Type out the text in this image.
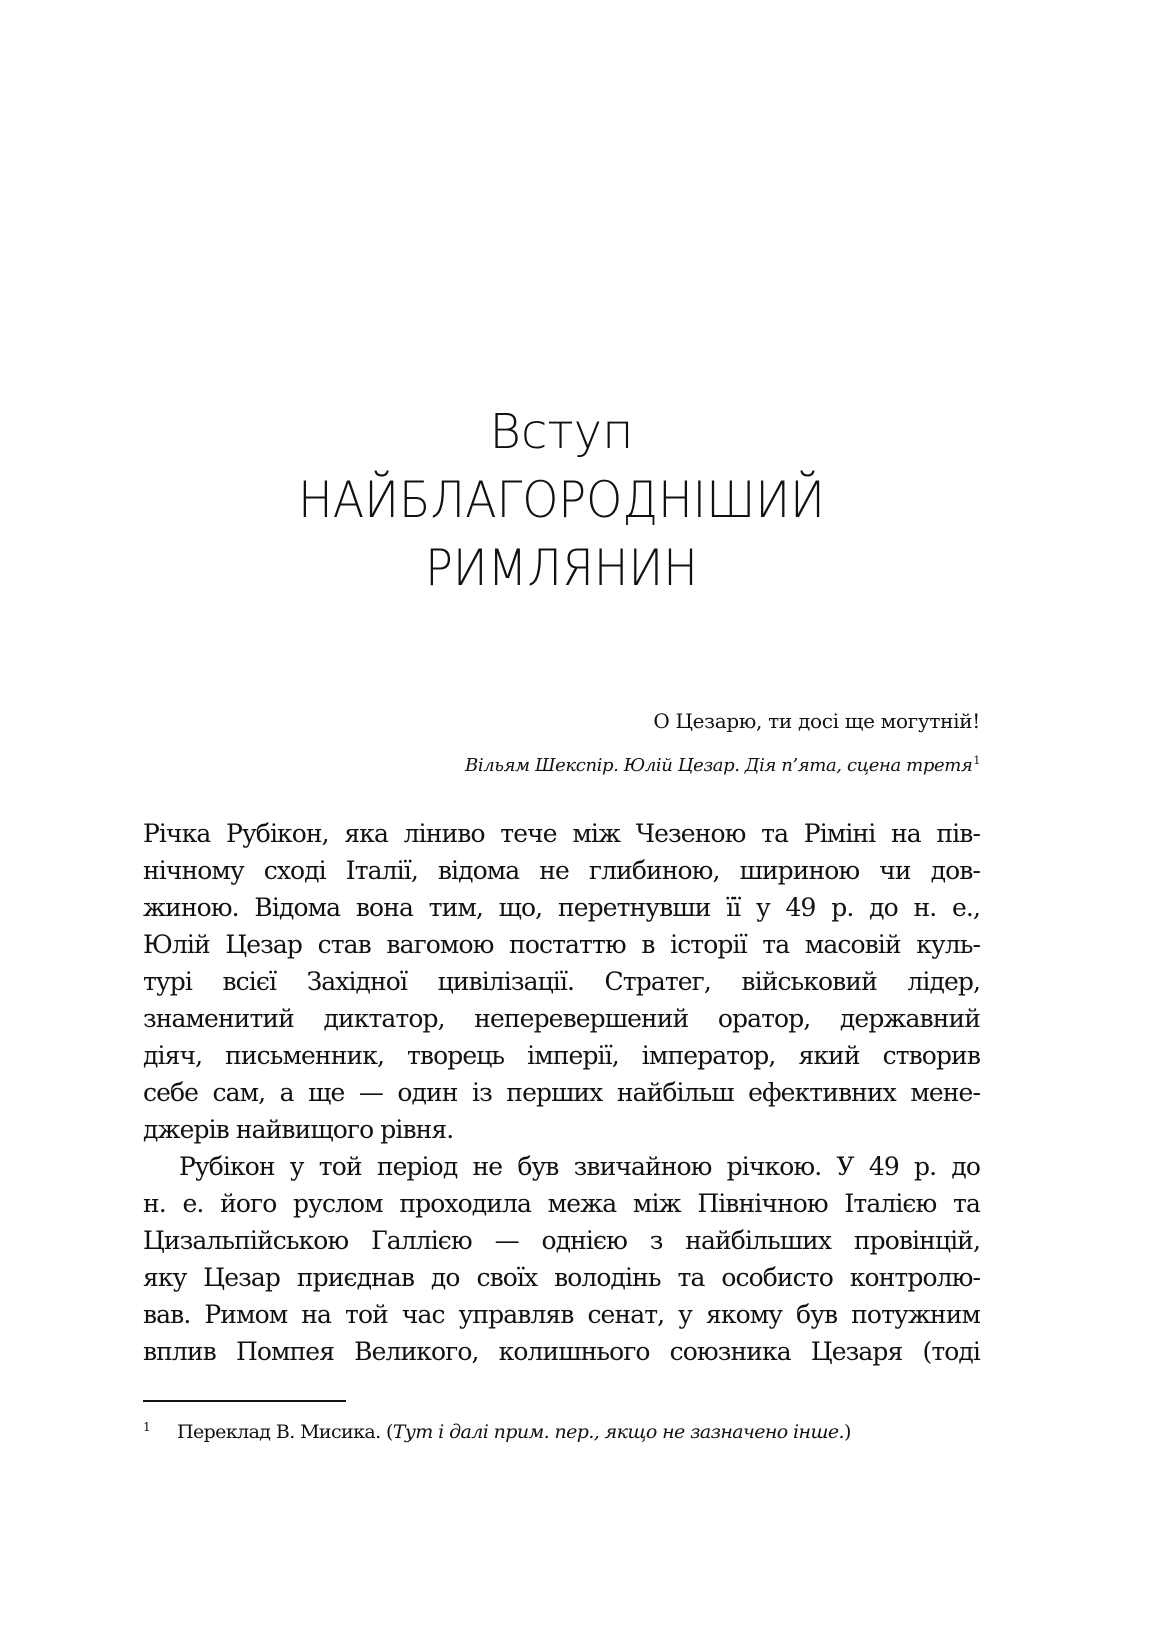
Вступ
НАЙБЛАГОРОДНІШИЙ
РИМЛЯНИН
О Цезарю, ти досі ще могутній!
Вільям Шекспір. Юлій Цезар. Дія п’ята, сцена третя$^1$
Річка Рубікон, яка ліниво тече між Чезеною та Ріміні на пів-
нічному сході Італії, відома не глибиною, шириною чи дов-
жиною. Відома вона тим, що, перетнувши її у 49 р. до н. е.,
Юлій Цезар став вагомою постаттю в історії та масовій куль-
турі всієї Західної цивілізації. Стратег, військовий лідер,
знаменитий диктатор, неперевершений оратор, державний
діяч, письменник, творець імперії, імператор, який створив
себе сам, а ще — один із перших найбільш ефективних мене-
джерів найвищого рівня.
Рубікон у той період не був звичайною річкою. У 49 р. до
н. е. його руслом проходила межа між Північною Італією та
Цизальпійською Галлією — однією з найбільших провінцій,
яку Цезар приєднав до своїх володінь та особисто контролю-
вав. Римом на той час управляв сенат, у якому був потужним
вплив Помпея Великого, колишнього союзника Цезаря (тоді
1 Переклад В. Мисика. (Тут і далі прим. пер., якщо не зазначено інше.)
